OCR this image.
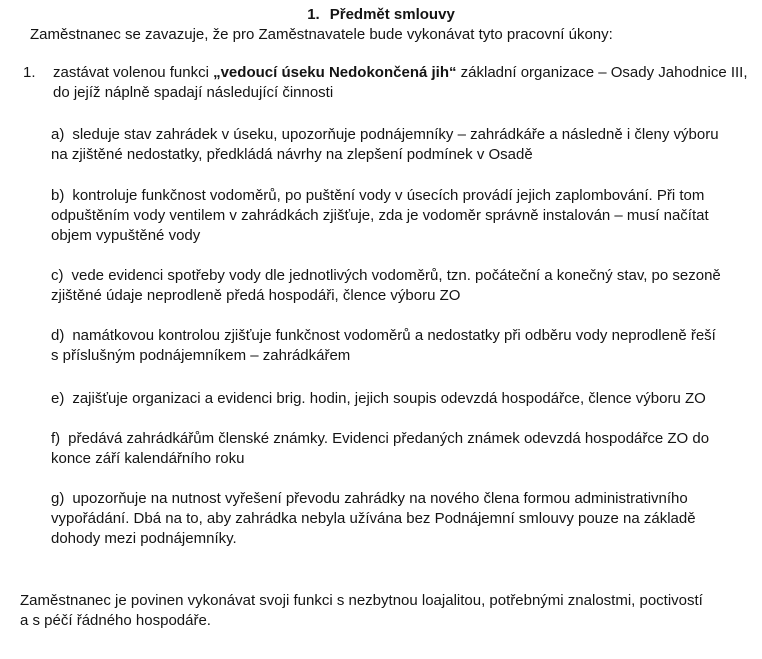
1. Předmět smlouvy
Zaměstnanec se zavazuje, že pro Zaměstnavatele bude vykonávat tyto pracovní úkony:
1. zastávat volenou funkci „vedoucí úseku Nedokončená jih“ základní organizace – Osady Jahodnice III,
do jejíž náplně spadají následující činnosti
a) sleduje stav zahrádek v úseku, upozorňuje podnájemníky – zahrádkáře a následně i členy výboru
na zjištěné nedostatky, předkládá návrhy na zlepšení podmínek v Osadě
b) kontroluje funkčnost vodoměrů, po puštění vody v úsecích provádí jejich zaplombování. Při tom
odpuštěním vody ventilem v zahrádkách zjišťuje, zda je vodoměr správně instalován – musí načítat
objem vypuštěné vody
c) vede evidenci spotřeby vody dle jednotlivých vodoměrů, tzn. počáteční a konečný stav, po sezoně
zjištěné údaje neprodleně předá hospodáři, člence výboru ZO
d) namátkovou kontrolou zjišťuje funkčnost vodoměrů a nedostatky při odběru vody neprodleně řeší
s příslušným podnájemníkem – zahrádkářem
e) zajišťuje organizaci a evidenci brig. hodin, jejich soupis odevzdá hospodářce, člence výboru ZO
f) předává zahrádkářům členské známky. Evidenci předaných známek odevzdá hospodářce ZO do
konce září kalendářního roku
g) upozorňuje na nutnost vyřešení převodu zahrádky na nového člena formou administrativního
vypořádání. Dbá na to, aby zahrádka nebyla užívána bez Podnájemní smlouvy pouze na základě
dohody mezi podnájemníky.
Zaměstnanec je povinen vykonávat svoji funkci s nezbytnou loajalitou, potřebnými znalostmi, poctivostí
a s péčí řádného hospodáře.
